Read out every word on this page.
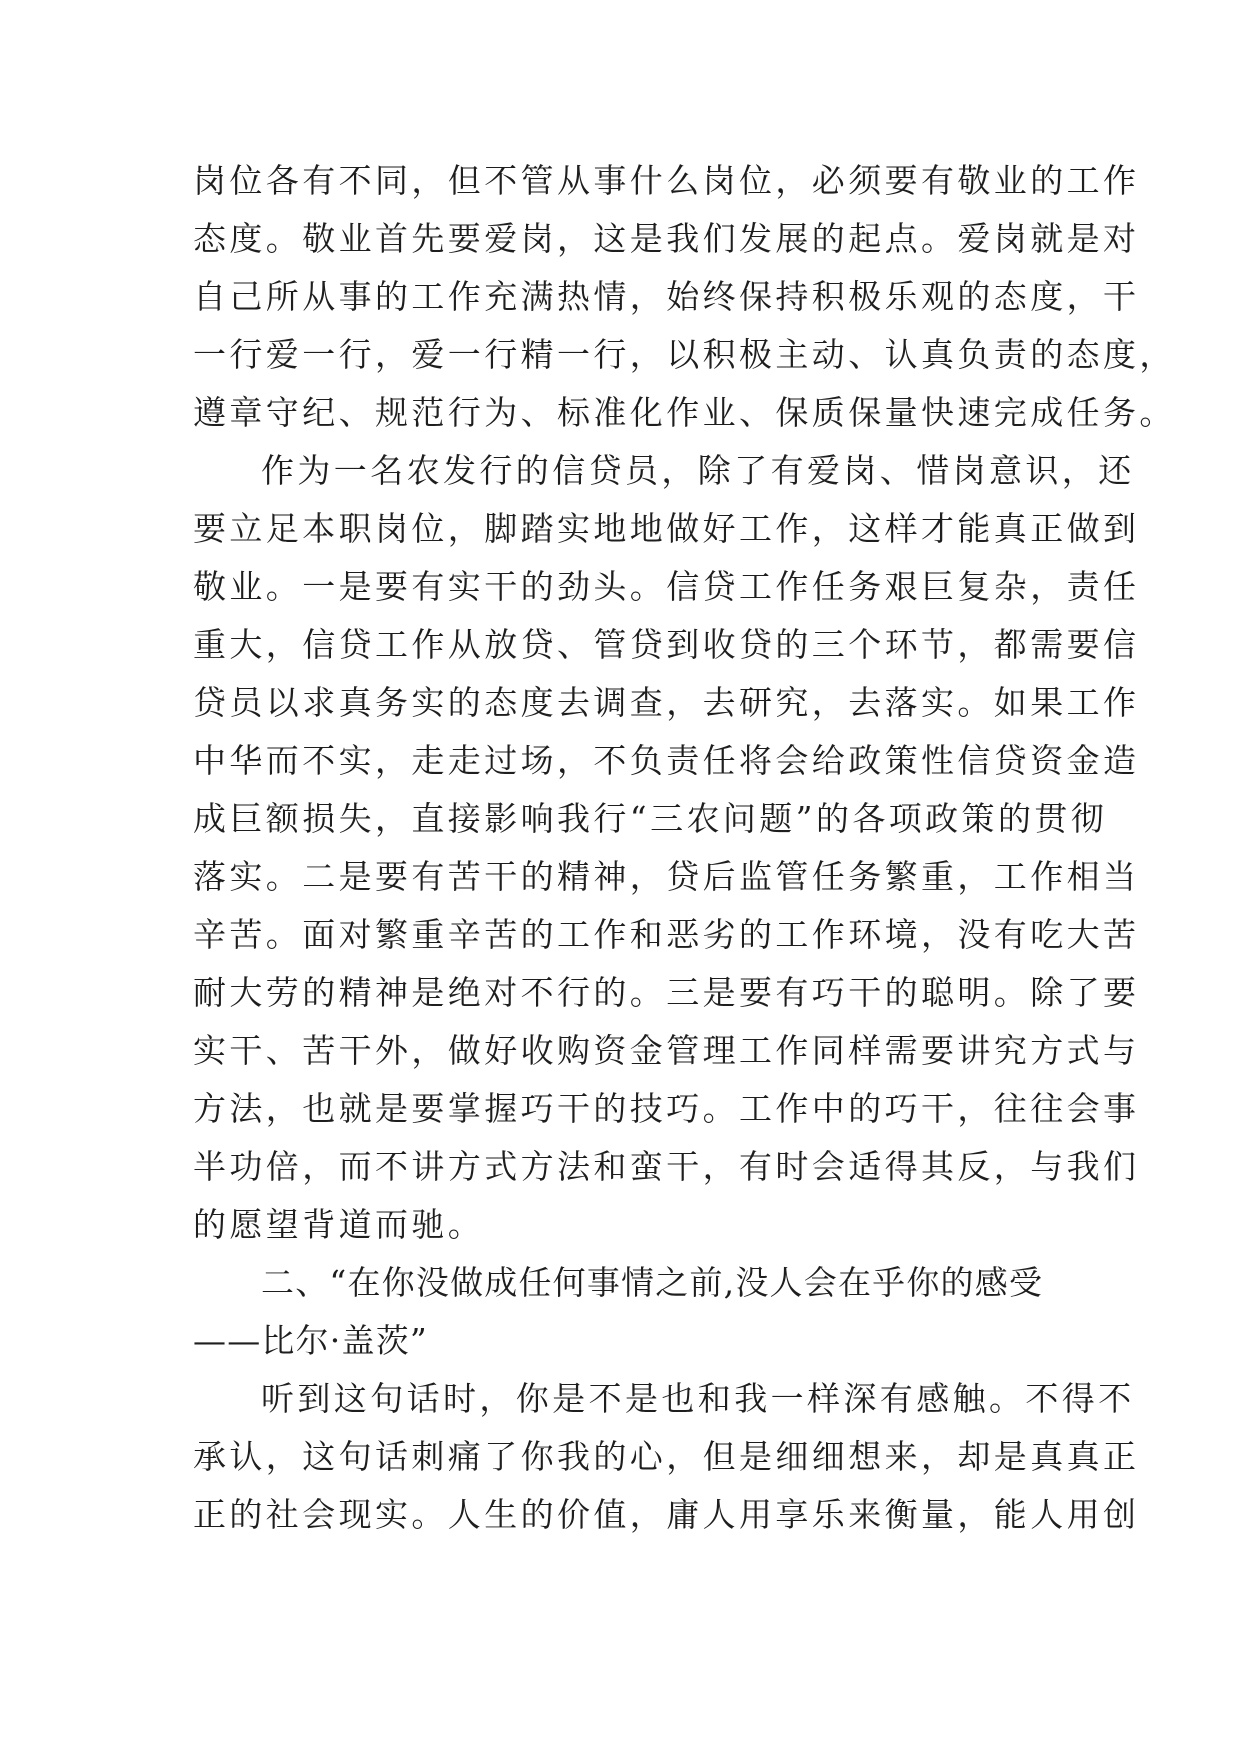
岗位各有不同，但不管从事什么岗位，必须要有敬业的工作
态度。敬业首先要爱岗，这是我们发展的起点。爱岗就是对
自己所从事的工作充满热情，始终保持积极乐观的态度，干
一行爱一行，爱一行精一行，以积极主动、认真负责的态度，
遵章守纪、规范行为、标准化作业、保质保量快速完成任务。
作为一名农发行的信贷员，除了有爱岗、惜岗意识，还
要立足本职岗位，脚踏实地地做好工作，这样才能真正做到
敬业。一是要有实干的劲头。信贷工作任务艰巨复杂，责任
重大，信贷工作从放贷、管贷到收贷的三个环节，都需要信
贷员以求真务实的态度去调查，去研究，去落实。如果工作
中华而不实，走走过场，不负责任将会给政策性信贷资金造
成巨额损失，直接影响我行“三农问题”的各项政策的贯彻
落实。二是要有苦干的精神，贷后监管任务繁重，工作相当
辛苦。面对繁重辛苦的工作和恶劣的工作环境，没有吃大苦
耐大劳的精神是绝对不行的。三是要有巧干的聪明。除了要
实干、苦干外，做好收购资金管理工作同样需要讲究方式与
方法，也就是要掌握巧干的技巧。工作中的巧干，往往会事
半功倍，而不讲方式方法和蛮干，有时会适得其反，与我们
的愿望背道而驰。
二、“在你没做成任何事情之前,没人会在乎你的感受
——比尔·盖茨”
听到这句话时，你是不是也和我一样深有感触。不得不
承认，这句话刺痛了你我的心，但是细细想来，却是真真正
正的社会现实。人生的价值，庸人用享乐来衡量，能人用创
